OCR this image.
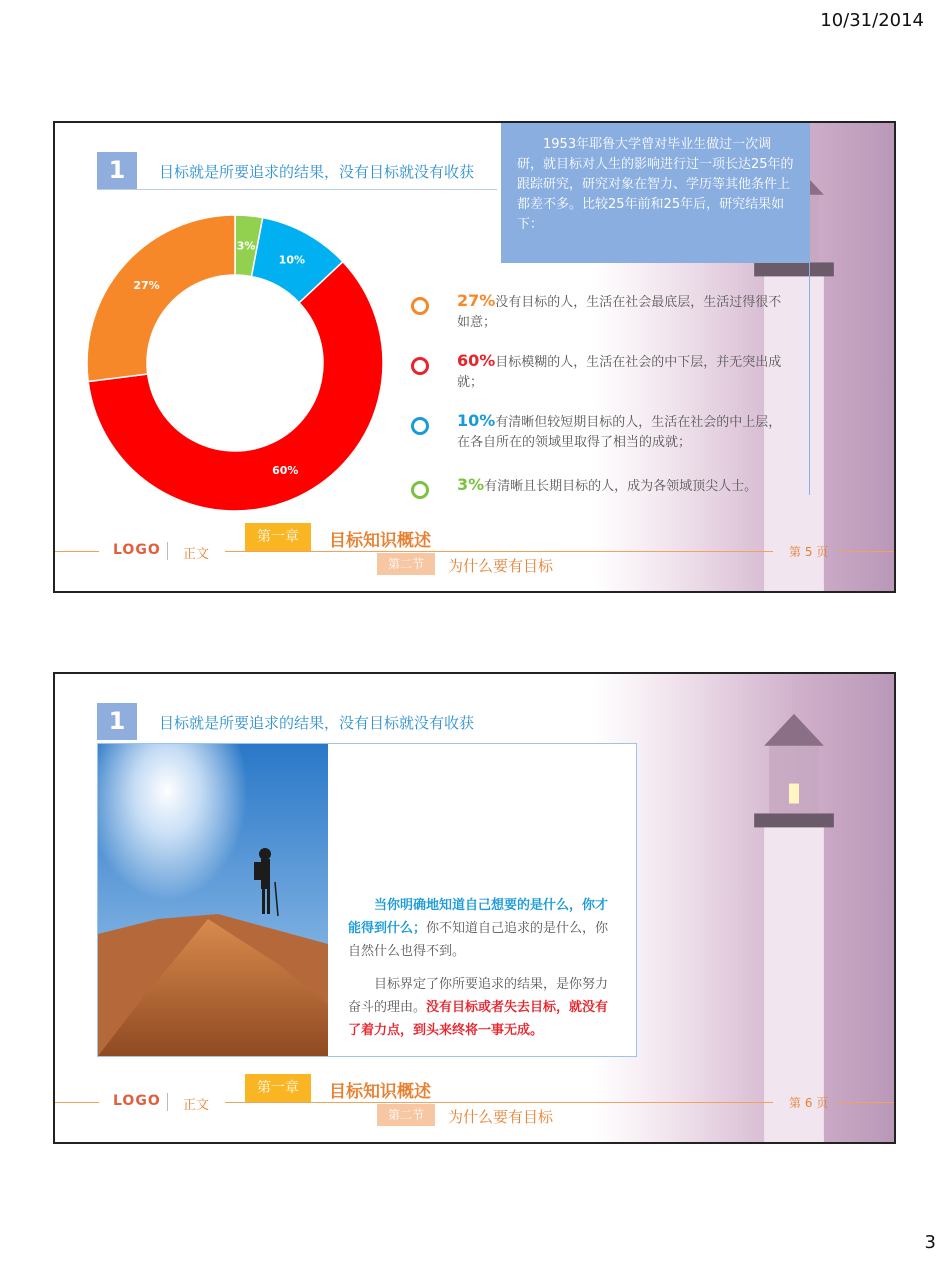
10/31/2014
1	目标就是所要追求的结果，没有目标就没有收获
1953年耶鲁大学曾对毕业生做过一次调研，就目标对人生的影响进行过一项长达25年的跟踪研究，研究对象在智力、学历等其他条件上都差不多。比较25年前和25年后，研究结果如下：
3%
10%
60%
27%
27%没有目标的人，生活在社会最底层，生活过得很不如意；
60%目标模糊的人，生活在社会的中下层，并无突出成就；
10%有清晰但较短期目标的人，生活在社会的中上层，在各自所在的领域里取得了相当的成就；
3%有清晰且长期目标的人，成为各领域顶尖人士。
LOGO 正文
第一章	目标知识概述
第二节	为什么要有目标
第 5 页
1	目标就是所要追求的结果，没有目标就没有收获

当你明确地知道自己想要的是什么，你才能得到什么；你不知道自己追求的是什么，你自然什么也得不到。

目标界定了你所要追求的结果，是你努力奋斗的理由。没有目标或者失去目标，就没有了着力点，到头来终将一事无成。

LOGO 正文
第一章	目标知识概述
第二节	为什么要有目标
第 6 页
3
